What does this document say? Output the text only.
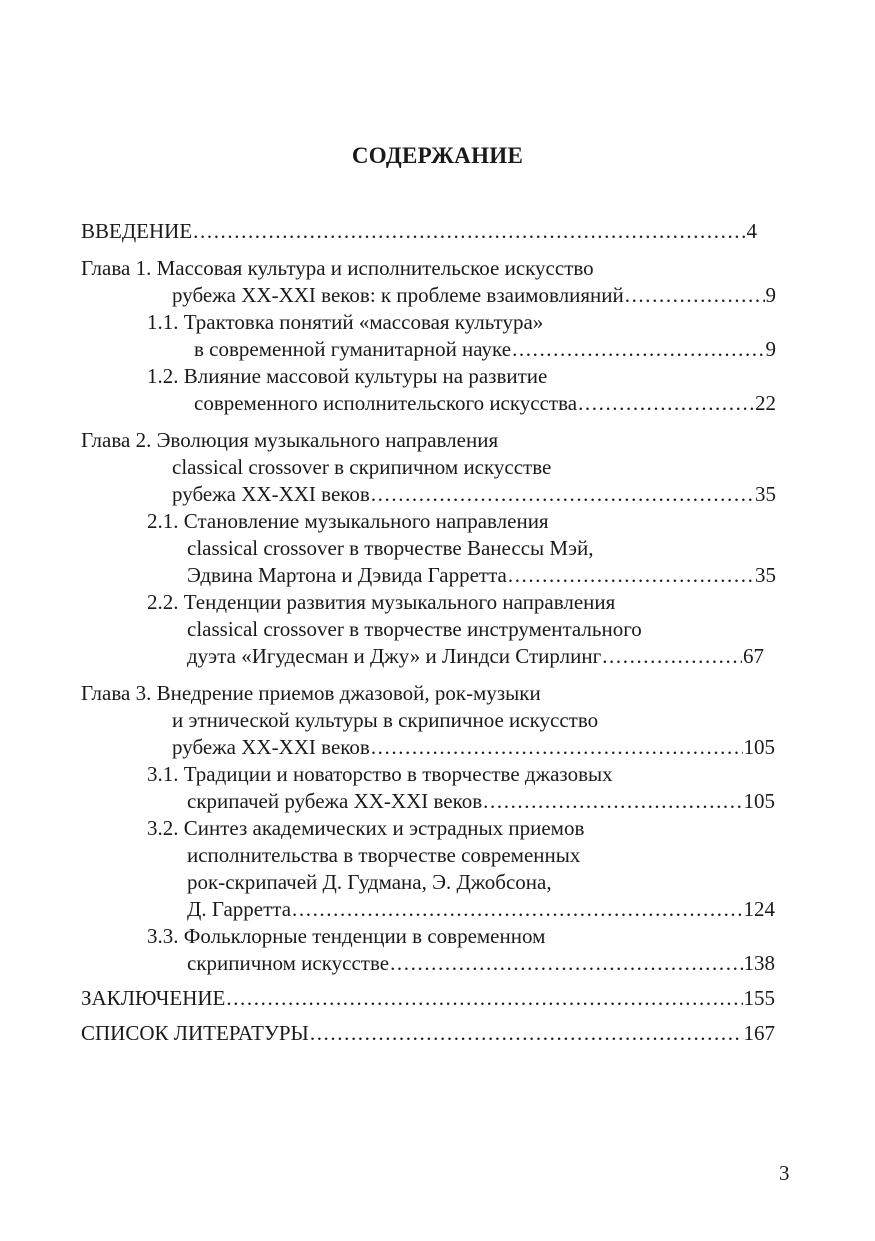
СОДЕРЖАНИЕ
ВВЕДЕНИЕ .....	4
Глава 1. Массовая культура и исполнительское искусство
рубежа XX-XXI веков: к проблеме взаимовлияний .....	9
1.1. Трактовка понятий «массовая культура»
в современной гуманитарной науке .....	9
1.2. Влияние массовой культуры на развитие
современного исполнительского искусства .....	22
Глава 2. Эволюция музыкального направления
classical crossover в скрипичном искусстве
рубежа XX-XXI веков .....	35
2.1. Становление музыкального направления
classical crossover в творчестве Ванессы Мэй,
Эдвина Мартона и Дэвида Гарретта .....	35
2.2. Тенденции развития музыкального направления
classical crossover в творчестве инструментального
дуэта «Игудесман и Джу» и Линдси Стирлинг .....	67
Глава 3. Внедрение приемов джазовой, рок-музыки
и этнической культуры в скрипичное искусство
рубежа XX-XXI веков .....	105
3.1. Традиции и новаторство в творчестве джазовых
скрипачей рубежа XX-XXI веков .....	105
3.2. Синтез академических и эстрадных приемов
исполнительства в творчестве современных
рок-скрипачей Д. Гудмана, Э. Джобсона,
Д. Гарретта .....	124
3.3. Фольклорные тенденции в современном
скрипичном искусстве .....	138
ЗАКЛЮЧЕНИЕ .....	155
СПИСОК ЛИТЕРАТУРЫ .....	167
3
